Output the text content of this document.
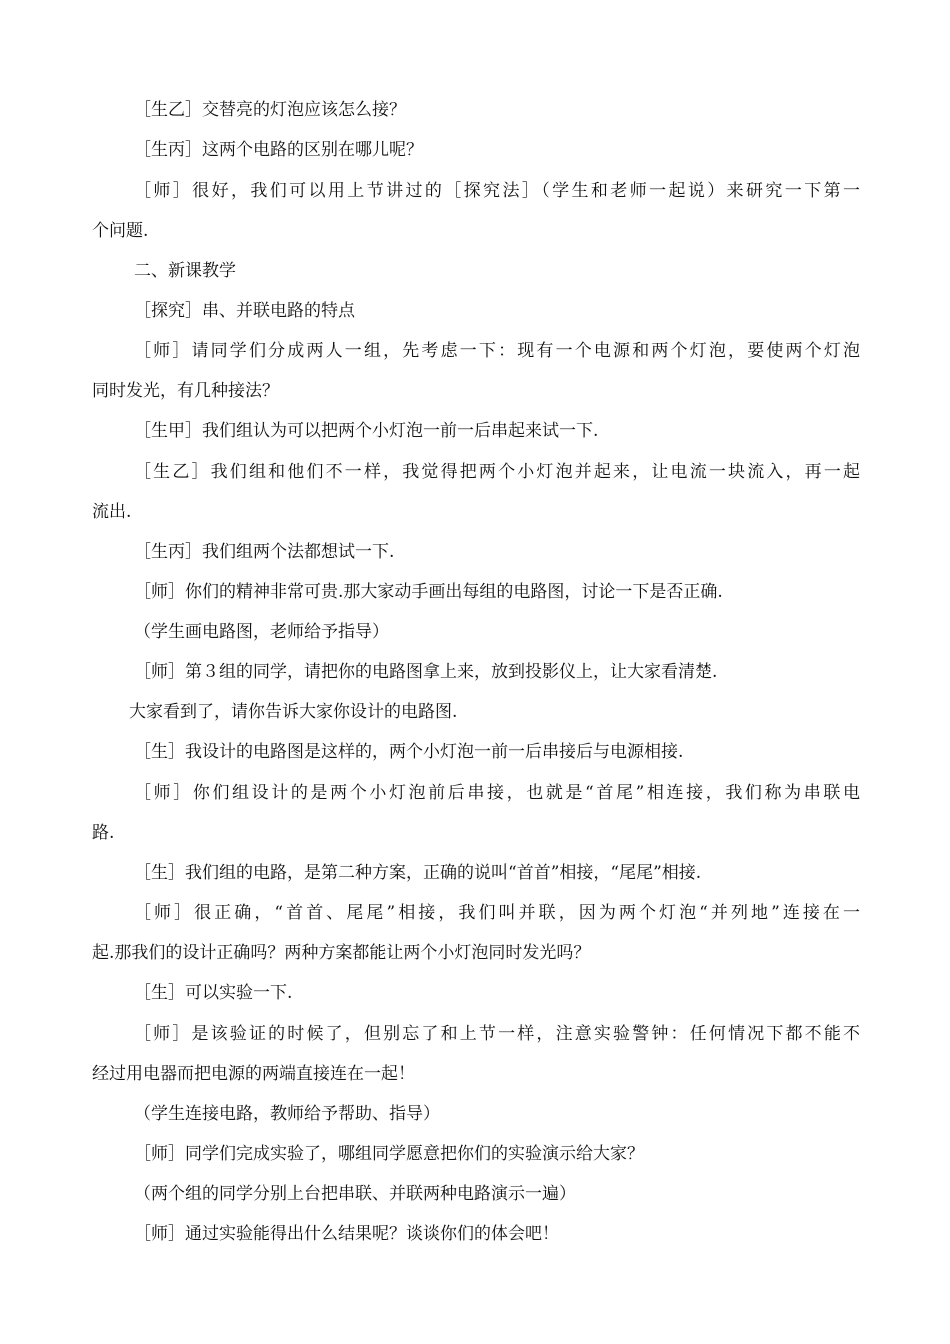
［生乙］交替亮的灯泡应该怎么接？
［生丙］这两个电路的区别在哪儿呢？
［师］很好，我们可以用上节讲过的［探究法］（学生和老师一起说）来研究一下第一
个问题.
二、新课教学
［探究］串、并联电路的特点
［师］请同学们分成两人一组，先考虑一下：现有一个电源和两个灯泡，要使两个灯泡
同时发光，有几种接法？
［生甲］我们组认为可以把两个小灯泡一前一后串起来试一下.
［生乙］我们组和他们不一样，我觉得把两个小灯泡并起来，让电流一块流入，再一起
流出.
［生丙］我们组两个法都想试一下.
［师］你们的精神非常可贵.那大家动手画出每组的电路图，讨论一下是否正确.
（学生画电路图，老师给予指导）
［师］第３组的同学，请把你的电路图拿上来，放到投影仪上，让大家看清楚.
大家看到了，请你告诉大家你设计的电路图.
［生］我设计的电路图是这样的，两个小灯泡一前一后串接后与电源相接.
［师］你们组设计的是两个小灯泡前后串接，也就是“首尾”相连接，我们称为串联电
路.
［生］我们组的电路，是第二种方案，正确的说叫“首首”相接，“尾尾”相接.
［师］很正确，“首首、尾尾”相接，我们叫并联，因为两个灯泡“并列地”连接在一
起.那我们的设计正确吗？两种方案都能让两个小灯泡同时发光吗？
［生］可以实验一下.
［师］是该验证的时候了，但别忘了和上节一样，注意实验警钟：任何情况下都不能不
经过用电器而把电源的两端直接连在一起！
（学生连接电路，教师给予帮助、指导）
［师］同学们完成实验了，哪组同学愿意把你们的实验演示给大家？
（两个组的同学分别上台把串联、并联两种电路演示一遍）
［师］通过实验能得出什么结果呢？谈谈你们的体会吧！
